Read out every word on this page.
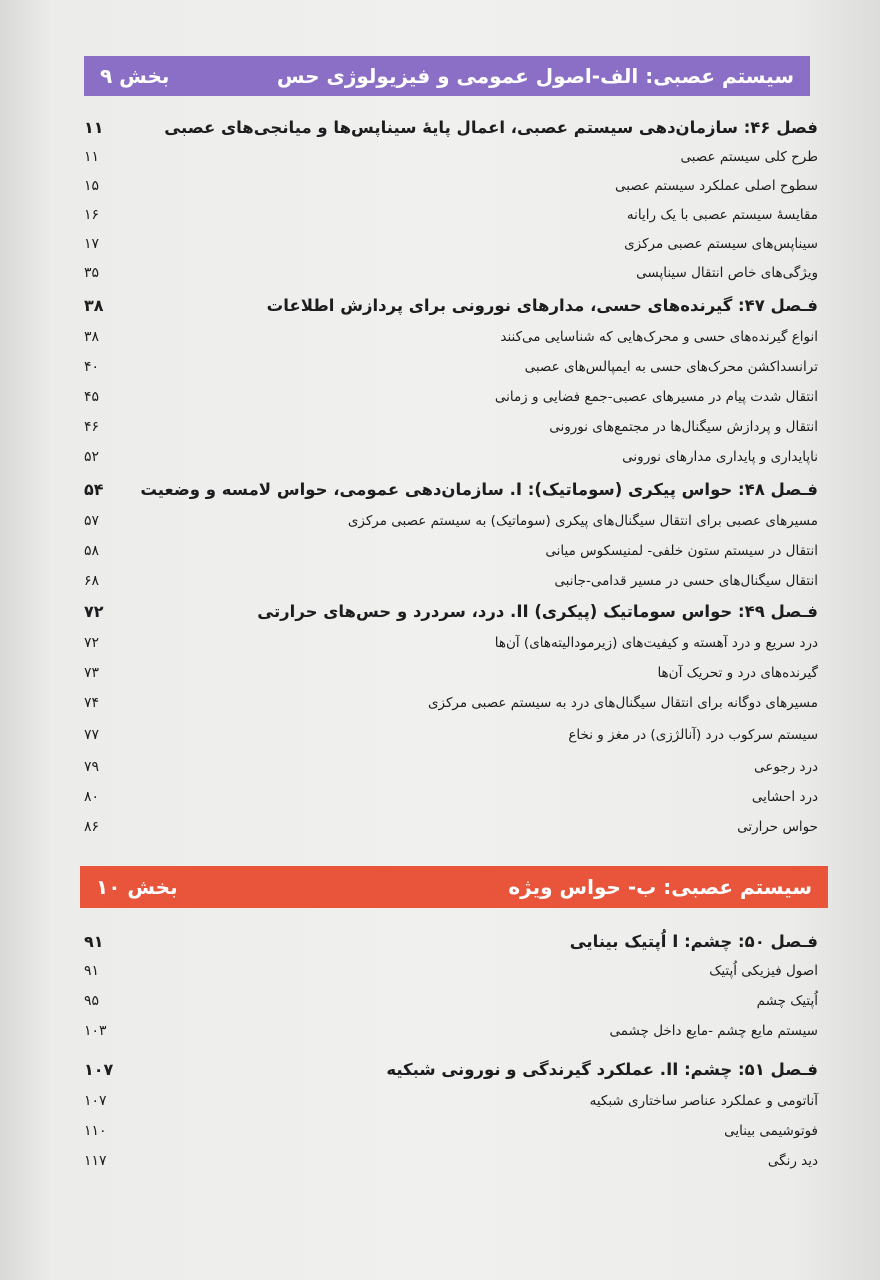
سیستم عصبی: الف-اصول عمومی و فیزیولوژی حس
بخش ۹
فصل ۴۶: سازمان‌دهی سیستم عصبی، اعمال پایهٔ سیناپس‌ها و میانجی‌های عصبی
۱۱
طرح کلی سیستم عصبی
۱۱
سطوح اصلی عملکرد سیستم عصبی
۱۵
مقایسهٔ سیستم عصبی با یک رایانه
۱۶
سیناپس‌های سیستم عصبی مرکزی
۱۷
ویژگی‌های خاص انتقال سیناپسی
۳۵
فـصل ۴۷: گیرنده‌های حسی، مدارهای نورونی برای پردازش اطلاعات
۳۸
انواع گیرنده‌های حسی و محرک‌هایی که شناسایی می‌کنند
۳۸
ترانسداکشن محرک‌های حسی به ایمپالس‌های عصبی
۴۰
انتقال شدت پیام در مسیرهای عصبی-جمع فضایی و زمانی
۴۵
انتقال و پردازش سیگنال‌ها در مجتمع‌های نورونی
۴۶
ناپایداری و پایداری مدارهای نورونی
۵۲
فـصل ۴۸: حواس پیکری (سوماتیک): I. سازمان‌دهی عمومی، حواس لامسه و وضعیت
۵۴
مسیرهای عصبی برای انتقال سیگنال‌های پیکری (سوماتیک) به سیستم عصبی مرکزی
۵۷
انتقال در سیستم ستون خلفی- لمنیسکوس میانی
۵۸
انتقال سیگنال‌های حسی در مسیر قدامی-جانبی
۶۸
فـصل ۴۹: حواس سوماتیک (پیکری) II. درد، سردرد و حس‌های حرارتی
۷۲
درد سریع و درد آهسته و کیفیت‌های (زیرمودالیته‌های) آن‌ها
۷۲
گیرنده‌های درد و تحریک آن‌ها
۷۳
مسیرهای دوگانه برای انتقال سیگنال‌های درد به سیستم عصبی مرکزی
۷۴
سیستم سرکوب درد (آنالژزی) در مغز و نخاع
۷۷
درد رجوعی
۷۹
درد احشایی
۸۰
حواس حرارتی
۸۶
سیستم عصبی: ب- حواس ویژه
بخش ۱۰
فـصل ۵۰: چشم: I اُپتیک بینایی
۹۱
اصول فیزیکی اُپتیک
۹۱
اُپتیک چشم
۹۵
سیستم مایع چشم -مایع داخل چشمی
۱۰۳
فـصل ۵۱: چشم: II. عملکرد گیرندگی و نورونی شبکیه
۱۰۷
آناتومی و عملکرد عناصر ساختاری شبکیه
۱۰۷
فوتوشیمی بینایی
۱۱۰
دید رنگی
۱۱۷
